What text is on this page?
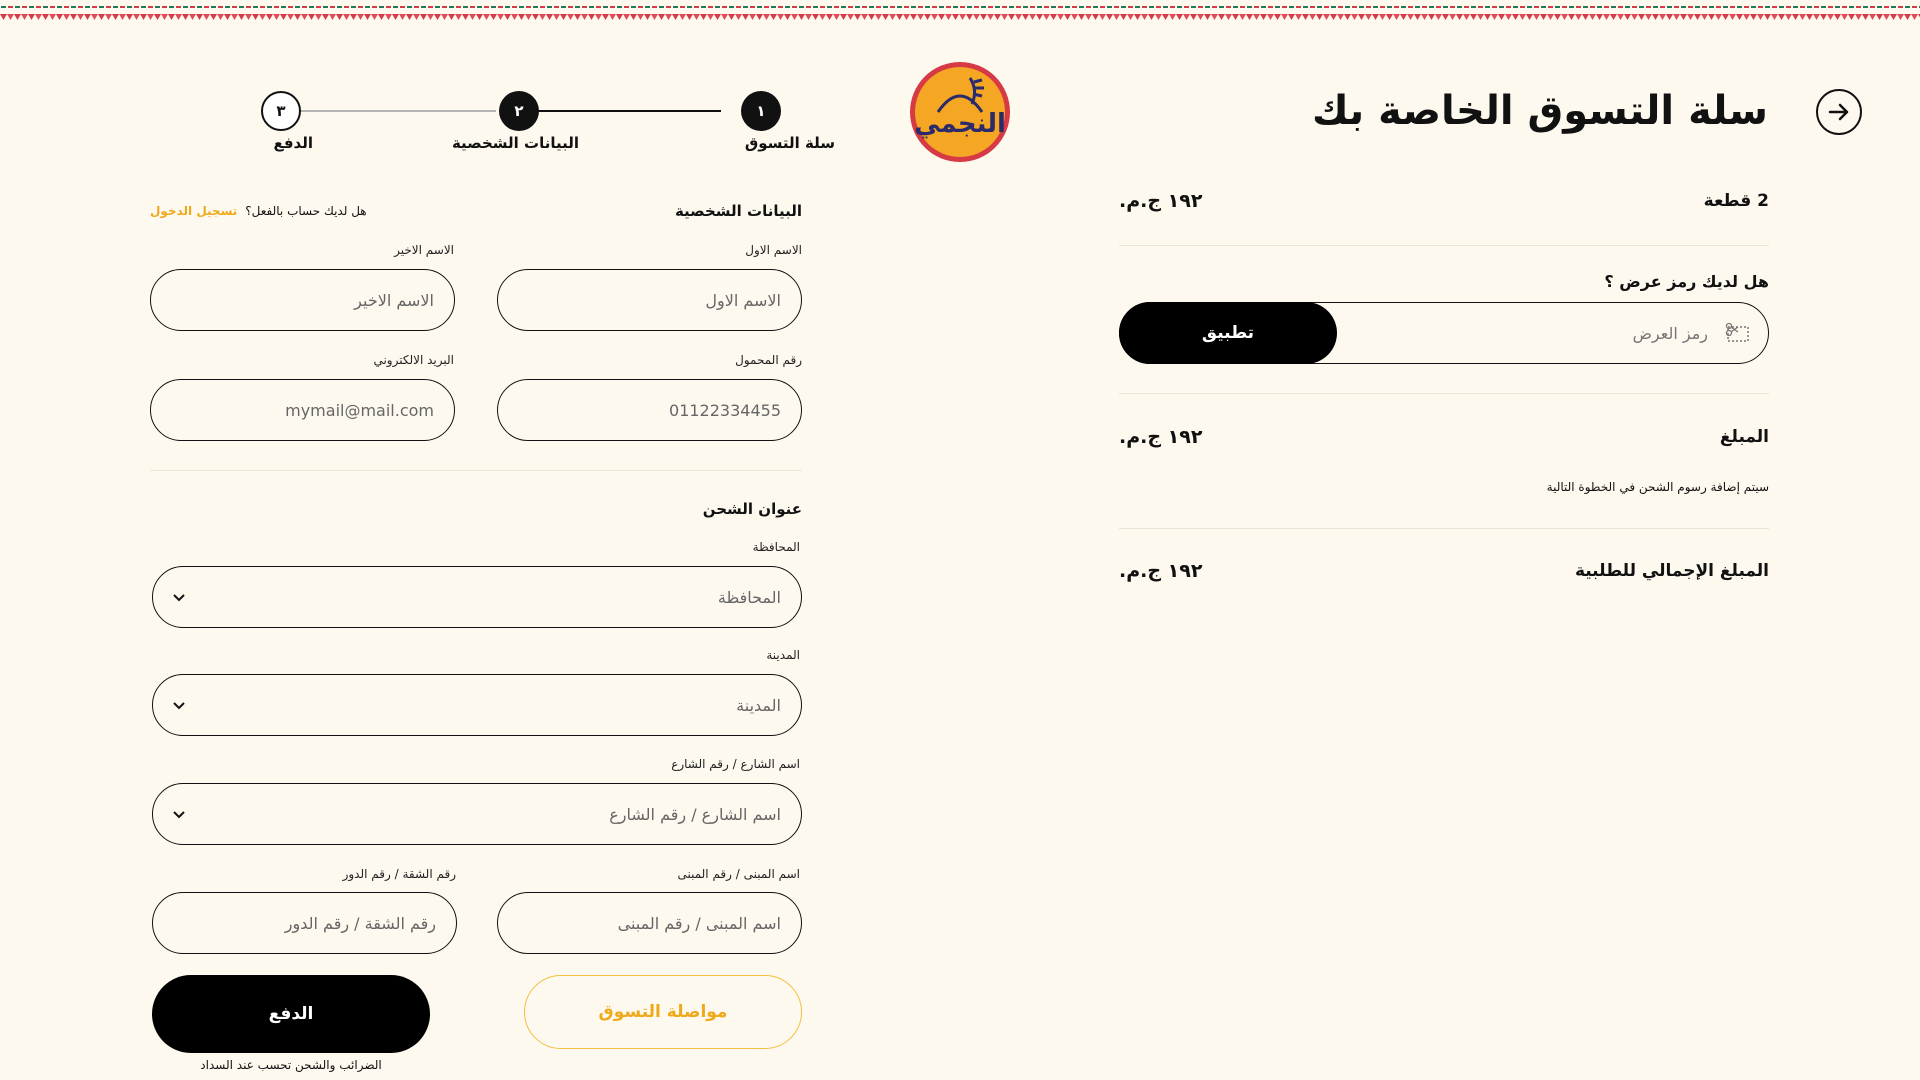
سلة التسوق الخاصة بك
النجمي
١
سلة التسوق
٢
البيانات الشخصية
٣
الدفع
2 قطعة
١٩٢ ج.م.
هل لديك رمز عرض ؟
رمز العرض
تطبيق
المبلغ
١٩٢ ج.م.
سيتم إضافة رسوم الشحن في الخطوة التالية
المبلغ الإجمالي للطلبية
١٩٢ ج.م.
البيانات الشخصية
هل لديك حساب بالفعل؟
تسجيل الدخول
الاسم الاول
الاسم الاول
الاسم الاخير
الاسم الاخير
رقم المحمول
01122334455
البريد الالكتروني
mymail@mail.com
عنوان الشحن
المحافظة
المحافظة
المدينة
المدينة
اسم الشارع / رقم الشارع
اسم الشارع / رقم الشارع
اسم المبنى / رقم المبنى
اسم المبنى / رقم المبنى
رقم الشقة / رقم الدور
رقم الشقة / رقم الدور
مواصلة التسوق
الدفع
الضرائب والشحن تحسب عند السداد
